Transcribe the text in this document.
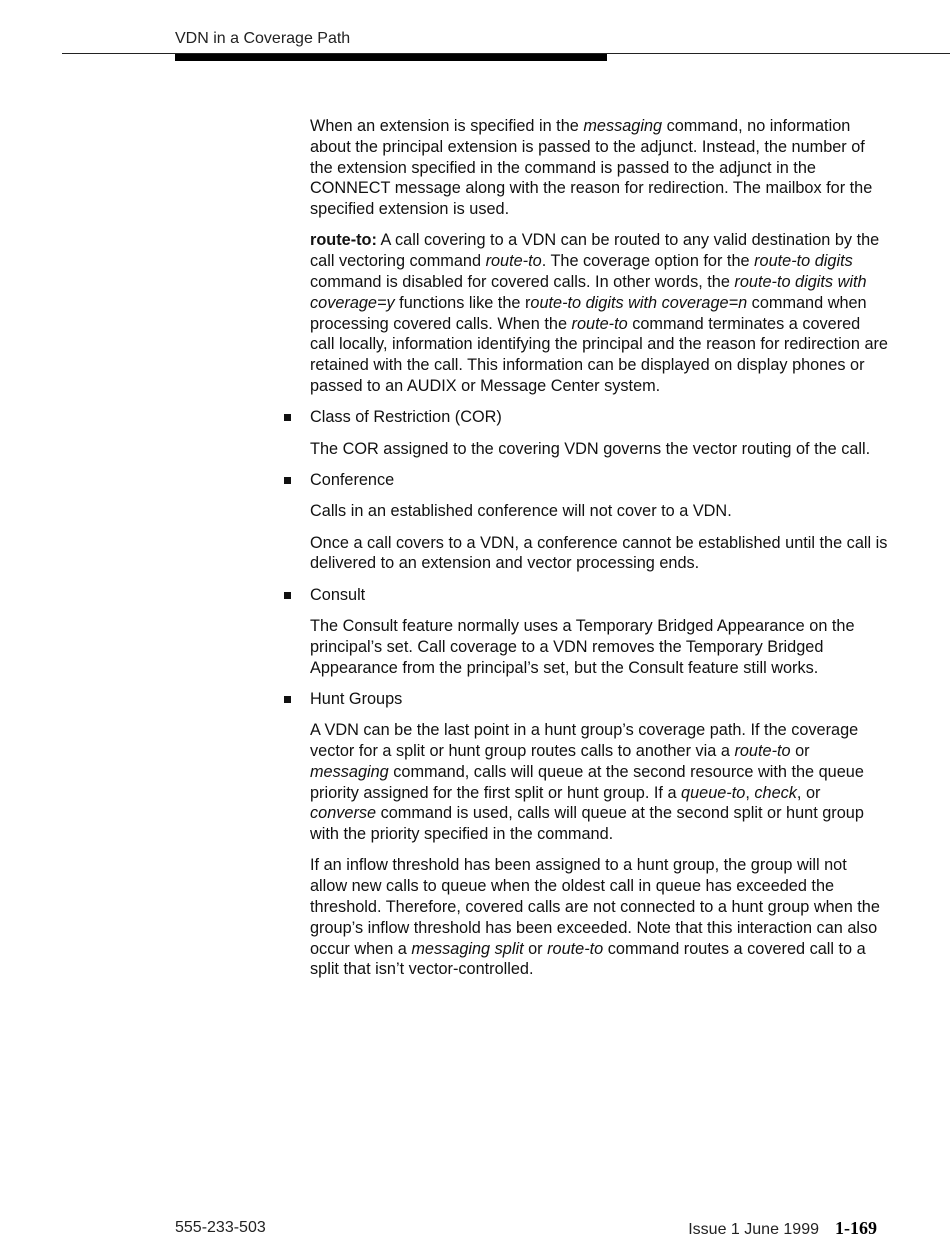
VDN in a Coverage Path

When an extension is specified in the messaging command, no information about the principal extension is passed to the adjunct. Instead, the number of the extension specified in the command is passed to the adjunct in the CONNECT message along with the reason for redirection. The mailbox for the specified extension is used.

route-to: A call covering to a VDN can be routed to any valid destination by the call vectoring command route-to. The coverage option for the route-to digits command is disabled for covered calls. In other words, the route-to digits with coverage=y functions like the route-to digits with coverage=n command when processing covered calls. When the route-to command terminates a covered call locally, information identifying the principal and the reason for redirection are retained with the call. This information can be displayed on display phones or passed to an AUDIX or Message Center system.

Class of Restriction (COR)

The COR assigned to the covering VDN governs the vector routing of the call.

Conference

Calls in an established conference will not cover to a VDN.

Once a call covers to a VDN, a conference cannot be established until the call is delivered to an extension and vector processing ends.

Consult

The Consult feature normally uses a Temporary Bridged Appearance on the principal’s set. Call coverage to a VDN removes the Temporary Bridged Appearance from the principal’s set, but the Consult feature still works.

Hunt Groups

A VDN can be the last point in a hunt group’s coverage path. If the coverage vector for a split or hunt group routes calls to another via a route-to or messaging command, calls will queue at the second resource with the queue priority assigned for the first split or hunt group. If a queue-to, check, or converse command is used, calls will queue at the second split or hunt group with the priority specified in the command.

If an inflow threshold has been assigned to a hunt group, the group will not allow new calls to queue when the oldest call in queue has exceeded the threshold. Therefore, covered calls are not connected to a hunt group when the group’s inflow threshold has been exceeded. Note that this interaction can also occur when a messaging split or route-to command routes a covered call to a split that isn’t vector-controlled.

555-233-503	Issue 1 June 1999 1-169
